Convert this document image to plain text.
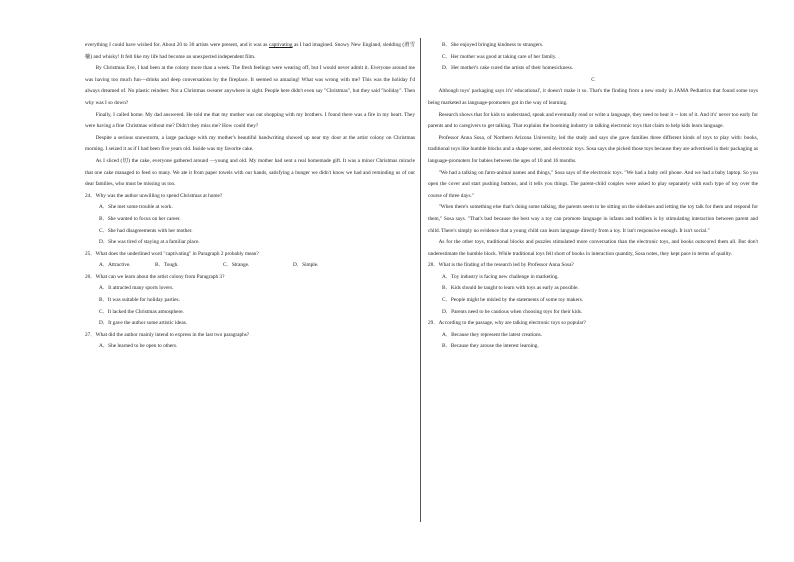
everything I could have wished for. About 20 to 30 artists were present, and it was as captivating as I had imagined. Snowy New England, sledding (滑雪橇) and whisky! It felt like my life had become an unexpected independent film.

By Christmas Eve, I had been at the colony more than a week. The fresh feelings were wearing off, but I would never admit it. Everyone around me was having too much fun—drinks and deep conversations by the fireplace. It seemed so amazing! What was wrong with me? This was the holiday I'd always dreamed of. No plastic reindeer. Not a Christmas sweater anywhere in sight. People here didn't even say "Christmas", but they said "holiday". Then why was I so down?

Finally, I called home. My dad answered. He told me that my mother was out shopping with my brothers. I found there was a fire in my heart. They were having a fine Christmas without me? Didn't they miss me? How could they?

Despite a serious snowstorm, a large package with my mother's beautiful handwriting showed up near my door at the artist colony on Christmas morning. I seized it as if I had been five years old. Inside was my favorite cake.

As I sliced (切) the cake, everyone gathered around —young and old. My mother had sent a real homemade gift. It was a minor Christmas miracle that one cake managed to feed so many. We ate it from paper towels with our hands, satisfying a hunger we didn't know we had and reminding us of our dear families, who must be missing us too.

24．Why was the author unwilling to spend Christmas at home?

A．She met some trouble at work.

B．She wanted to focus on her career.

C．She had disagreements with her mother.

D．She was tired of staying at a familiar place.

25．What does the underlined word "captivating" in Paragraph 2 probably mean?

A．Attractive.	B．Tough.	C．Strange.	D．Simple.

26．What can we learn about the artist colony from Paragraph 3?

A．It attracted many sports lovers.

B．It was suitable for holiday parties.

C．It lacked the Christmas atmosphere.

D．It gave the author some artistic ideas.

27．What did the author mainly intend to express in the last two paragraphs?

A．She learned to be open to others.

B．She enjoyed bringing kindness to strangers.

C．Her mother was good at taking care of her family.

D．Her mother's cake cured the artists of their homesickness.

C

Although toys' packaging says it's' educational', it doesn't make it so. That's the finding from a new study in JAMA Pediatrics that found some toys being marketed as language-promoters got in the way of learning.

Research shows that for kids to understand, speak and eventually read or write a language, they need to hear it -- lots of it. And it's' never too early for parents and to caregivers to get talking. That explains the booming industry in talking electronic toys that claim to help kids learn language.

Professor Anna Sosa, of Northern Arizona University, led the study and says she gave families three different kinds of toys to play with: books, traditional toys like humble blocks and a shape sorter, and electronic toys. Sosa says she picked those toys because they are advertised in their packaging as language-promoters for babies between the ages of 10 and 16 months.

"We had a talking on farm-animal names and things," Sosa says of the electronic toys. "We had a baby cell phone. And we had a baby laptop. So you open the cover and start pushing buttons, and it tells you things. The parent-child couples were asked to play separately with each type of toy over the course of three days."

"When there's something else that's doing some talking, the parents seem to be sitting on the sidelines and letting the toy talk for them and respond for them," Sosa says. "That's bad because the best way a toy can promote language in infants and toddlers is by stimulating interaction between parent and child. There's simply no evidence that a young child can learn language directly from a toy. It isn't responsive enough. It isn't social."

As for the other toys, traditional blocks and puzzles stimulated more conversation than the electronic toys, and books outscored them all. But don't underestimate the humble block. While traditional toys fell short of books in interaction quantity, Sosa notes, they kept pace in terms of quality.

28．What is the finding of the research led by Professor Anna Sosa?

A．Toy industry is facing new challenge in marketing.

B．Kids should be taught to learn with toys as early as possible.

C．People might be misled by the statements of some toy makers.

D．Parents need to be cautious when choosing toys for their kids.

29．According to the passage, why are talking electronic toys so popular?

A．Because they represent the latest creations.

B．Because they arouse the interest learning.
